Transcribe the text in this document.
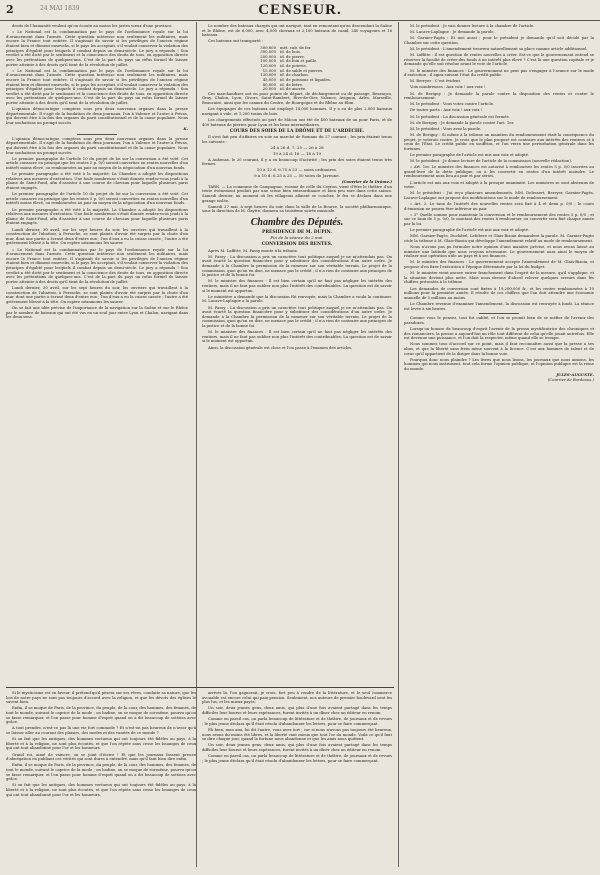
2	24 MAI 1839	CENSEUR.

droits de l'humanité veulent qu'on écoute au moins les justes vœux d'une province.

« Le National est la condamnation par le pays de l'ordonnance royale sur la loi d'avancement dans l'armée. Cette question intéresse non seulement les militaires, mais encore la France tout entière. Il s'agissait de savoir si les privilèges de l'ancien régime étaient bien et dûment ensevelis, si le pays les acceptait, s'il voulait conserver la violation des principes d'égalité pour lesquels il combat depuis un demi-siècle. Le jury a répondu ! Son verdict a été dicté par le sentiment et la conscience des droits de tous, en opposition directe avec les prétentions de quelques-uns. C'est de la part du pays un refus formel de laisser porter atteinte à des droits qu'il tient de la révolution de juillet.

« Le National est la condamnation par le pays de l'ordonnance royale sur la loi d'avancement dans l'armée. Cette question intéresse non seulement les militaires, mais encore la France tout entière. Il s'agissait de savoir si les privilèges de l'ancien régime étaient bien et dûment ensevelis, si le pays les acceptait, s'il voulait conserver la violation des principes d'égalité pour lesquels il combat depuis un demi-siècle. Le jury a répondu ! Son verdict a été dicté par le sentiment et la conscience des droits de tous, en opposition directe avec les prétentions de quelques-uns. C'est de la part du pays un refus formel de laisser porter atteinte à des droits qu'il tient de la révolution de juillet.

L'opinion démocratique comptera sous peu deux nouveaux organes dans la presse départementale. Il s'agit de la fondation de deux journaux, l'un à Valence et l'autre à Privas, qui doivent être à la fois des organes du parti constitutionnel et de la cause populaire. Nous leur souhaitons un prompt succès.

K.

L'opinion démocratique comptera sous peu deux nouveaux organes dans la presse départementale. Il s'agit de la fondation de deux journaux, l'un à Valence et l'autre à Privas, qui doivent être à la fois des organes du parti constitutionnel et de la cause populaire. Nous leur souhaitons un prompt succès.

Le premier paragraphe de l'article 10 du projet de loi sur la conversion a été voté. Cet article consacre en principe que les rentes 5 p. 0/0 seront converties en rentes nouvelles d'un intérêt moins élevé, ou remboursées au pair au moyen de la négociation d'un nouveau fonds.

Le premier paragraphe a été voté à la majorité. La Chambre a adopté les dispositions relatives aux mesures d'exécution. Une foule nombreuse s'était donnée rendez-vous jeudi à la plaine de Saint-Fond, afin d'assister à une course de chevaux pour laquelle plusieurs paris étaient engagés.

Le premier paragraphe de l'article 10 du projet de loi sur la conversion a été voté. Cet article consacre en principe que les rentes 5 p. 0/0 seront converties en rentes nouvelles d'un intérêt moins élevé, ou remboursées au pair au moyen de la négociation d'un nouveau fonds.

Le premier paragraphe a été voté à la majorité. La Chambre a adopté les dispositions relatives aux mesures d'exécution. Une foule nombreuse s'était donnée rendez-vous jeudi à la plaine de Saint-Fond, afin d'assister à une course de chevaux pour laquelle plusieurs paris étaient engagés.

Lundi dernier, 30 avril, sur les sept heures du soir, les ouvriers qui travaillent à la construction de l'abattoir, à Perrache, se sont plaints d'avoir été surpris par la chute d'un mur, dont une partie a écrasé deux d'entre eux ; l'un d'eux a eu la cuisse cassée ; l'autre a été grièvement blessé à la tête. On espère néanmoins les sauver.

« Le National est la condamnation par le pays de l'ordonnance royale sur la loi d'avancement dans l'armée. Cette question intéresse non seulement les militaires, mais encore la France tout entière. Il s'agissait de savoir si les privilèges de l'ancien régime étaient bien et dûment ensevelis, si le pays les acceptait, s'il voulait conserver la violation des principes d'égalité pour lesquels il combat depuis un demi-siècle. Le jury a répondu ! Son verdict a été dicté par le sentiment et la conscience des droits de tous, en opposition directe avec les prétentions de quelques-uns. C'est de la part du pays un refus formel de laisser porter atteinte à des droits qu'il tient de la révolution de juillet.

Lundi dernier, 30 avril, sur les sept heures du soir, les ouvriers qui travaillent à la construction de l'abattoir, à Perrache, se sont plaints d'avoir été surpris par la chute d'un mur, dont une partie a écrasé deux d'entre eux ; l'un d'eux a eu la cuisse cassée ; l'autre a été grièvement blessé à la tête. On espère néanmoins les sauver.

On se fait une idée précise de l'importance de la navigation sur la Saône et sur le Rhône par le nombre de bateaux qui ont été vus en un seul jour entre Lyon et Chalon, navigant dans les deux sens.

Le nombre des bateaux chargés qui ont navigué, tant en remontant qu'en descendant la Saône et le Rhône, est de 6,000, avec 4,000 chevaux et 2,100 bateaux de canal, 240 voyageurs et 16 bateaux.

Ces bateaux ont transporté :

300,000	mét. cub. de fer.
300,000	id. de bois.
200,000	id. de pierre.
100,000	id. de foin et paille.
120,000	id. de poterie.
15,000	id. de sable et pierres.
130,000	id. de charbon.
45,000	id. de poissons et liquides.
80,000	id. de bière.
20,000	id. de ancrée.

Ces marchandises ont en pour points de départ, de déchargement ou de passage, Besançon, Gray, Chalon, Lyon, Givors, Saint-Rambert, Rive-de-Gier, Valence, Avignon, Arles, Marseille, Beaucaire, ainsi que les canaux du Centre, de Bourgogne et du Rhône au Rhin.

Les équipages de ces bateaux ont employé 14,000 hommes. Il y a eu de plus 2,000 bateaux navigant à vide, et 1,200 trains de bois.

Les chargements effectués au port de Mâcon ont été de 400 bateaux de un pour Paris, et de 400 bateaux de pierres pour Lyon et les lieux intermédiaires.

COURS DES SOIES DE LA DRÔME ET DE L'ARDÈCHE.

Il s'est fait peu d'affaires en soie au marché de Romans du 27 courant ; les prix étaient tenus les suivants :

24 à 26 d. 7. 25 — 26 à 28
19 à 24 d. 16 — 18 à 19

A Aubenas, le 20 courant, il y a eu beaucoup d'activité ; les prix des soies étaient tenus très fermes.

10 à 12 d. 6.75 à 23 — soies ordinaires.
9 à 10 d. 6.25 à 25 — 50 soies de Javeune.
(Courrier de la Drôme.)

TARN. — La commune de Campagnac, voisine de celle du Ceyron, vient d'être le théâtre d'un triste événement produit par une scène bien extraordinaire et bien peu rare dans cette saison. Samedi dernier, au moment où les villageois allaient se coucher, le feu se déclara dans une grange isolée.

Samedi 27 mai, à sept heures du soir, dans la salle de la Bourse, la société philharmonique, sous la direction de M. Gaytte, donnera sa troisième soirée musicale.

Chambre des Députés.
PRÉSIDENCE DE M. DUPIN.
Fin de la séance du 2 mai.
CONVERSION DES RENTES.

Après M. Laffitte, M. Passy monte à la tribune.

M. Passy : La discussion a pris un caractère tout politique auquel je ne m'attendais pas. On avait écarté la question financière pour y substituer des considérations d'un autre ordre. Je demande à la Chambre la permission de la ramener sur son véritable terrain. Le projet de la commission, quoi qu'on en dise, ne menace pas le crédit ; il n'a rien de contraire aux principes de la justice et de la bonne foi.

M. le ministre des finances : Il est bien certain qu'il ne faut pas négliger les intérêts des rentiers, mais il ne faut pas oublier non plus l'intérêt des contribuables. La question est de savoir si le moment est opportun.

Le ministère a demandé que la discussion fût renvoyée, mais la Chambre a voulu la continuer. M. Lacave-Laplagne a la parole.

M. Passy : La discussion a pris un caractère tout politique auquel je ne m'attendais pas. On avait écarté la question financière pour y substituer des considérations d'un autre ordre. Je demande à la Chambre la permission de la ramener sur son véritable terrain. Le projet de la commission, quoi qu'on en dise, ne menace pas le crédit ; il n'a rien de contraire aux principes de la justice et de la bonne foi.

M. le ministre des finances : Il est bien certain qu'il ne faut pas négliger les intérêts des rentiers, mais il ne faut pas oublier non plus l'intérêt des contribuables. La question est de savoir si le moment est opportun.

Ainsi, la discussion générale est close et l'on passe à l'examen des articles.

M. le président : Je vais donner lecture à la chambre de l'article.

M. Lacave-Laplagne : Je demande la parole.

M. Garnier-Pagès : Et moi aussi ; pour le président je demande qu'il soit décidé par la Chambre sur cette question.

M. le président : L'amendement trouvera naturellement sa place comme article additionnel.

M. Laffitte : Il est question de rentes nouvelles à créer. Est-ce que le gouvernement entend se réserver la faculté de créer des fonds à un intérêt plus élevé ? C'est là une question capitale et je demande qu'elle soit résolue avant le vote de l'article.

M. le ministre des finances : Le gouvernement ne peut pas s'engager à l'avance sur le mode d'exécution ; il agira suivant l'état du crédit public.

M. Berryer : C'est évident.

Voix nombreuses : Aux voix ! aux voix !

M. de Berigny : Je demande la parole contre la disposition des rentes et contre le remboursement.

M. le président : Vous votez contre l'article.

De toutes parts : Aux voix ! aux voix !

M. le président : La discussion générale est fermée.

M. de Berigny : Je demande la parole contre l'art. 1er.

M. le président : Vous avez la parole.

M. de Berigny : Si même à la tribune un maintien du remboursement était la conséquence du projet, je voterais contre. Je crois que le plan proposé est contraire aux intérêts des rentiers et à ceux de l'État. Le crédit public en souffrira, et l'on verra une perturbation générale dans les fortunes.

Le premier paragraphe de l'article est mis aux voix et adopté.

M. le président : Je donne lecture de l'article de la commission (nouvelle rédaction).

« Art. 1er. Le ministre des finances est autorisé à rembourser les rentes 5 p. 0/0 inscrites au grand-livre de la dette publique, ou à les convertir en rentes d'un intérêt moindre. Le remboursement aura lieu au pair et par séries.

L'article est mis aux voix et adopté à la presque unanimité. Les ministres se sont abstenus de voter.

M. le président : J'ai reçu plusieurs amendements. MM. Delessert, Berryer, Garnier-Pagès, Lacave-Laplagne ont proposé des modifications sur le mode de remboursement.

« Art. 2. Le taux de l'intérêt des nouvelles rentes sera fixé à 4 et demi p. 0/0 ; le cours d'émission ne pourra être inférieur au pair.

« 3° Quelle somme pour maintenir la conversion et le remboursement des rentes 5 p. 0/0 ; et sur ce taux de 5 p. 0/0, le montant des rentes à rembourser ou convertir sera fixé chaque année par la loi.

Le premier paragraphe de l'article est mis aux voix et adopté.

MM. Garnier-Pagès, Duchâtel, Lefebvre et Glais-Bizoin demandent la parole. M. Garnier-Pagès cède la tribune à M. Glais-Bizoin qui développe l'amendement relatif au mode de remboursement.

Nous n'avons pas pu formuler notre opinion d'une manière précise, et nous avons laissé au ministre une latitude que nous croyons nécessaire. Le gouvernement aura ainsi le moyen de réaliser une opération utile au pays et à ses finances.

M. le ministre des finances : Le gouvernement accepte l'amendement de M. Glais-Bizoin, et propose d'en fixer l'exécution à l'époque déterminée par la loi du budget.

M. le ministre vient encore entrer franchement dans l'esprit de la mesure, qu'il s'applique, et la situation devient plus nette. Mais nous devons d'abord relever quelques erreurs dans les chiffres présentés à la tribune.

Les demandes de conversion sont fixées à 19,200,000 fr., et les rentes remboursées à 10 millions pour la première année. Il résulte de ces chiffres que l'on doit attendre une économie annuelle de 5 millions au moins.

Le Chambre revenue d'examiner l'amendement, la discussion est renvoyée à lundi. La séance est levée à six heures.

Comme vous le pensez, tout fut oublié, et l'on se promit bien de se méfier de l'avenir des paradoxes.

Lorsqu'on honore de beaucoup d'esprit l'avenir de la presse mystificatrice des chroniques et des romanciers, la presse a aujourd'hui un rôle tout différent de celui qu'elle jouait autrefois. Elle est devenue une puissance, et l'on doit la respecter, même quand elle se trompe.

Nous sommes tous d'accord sur ce point, mais il faut reconnaître aussi que la presse a ses abus, et que la liberté sans frein mène souvent à la licence. C'est aux hommes de talent et de cœur qu'il appartient de la diriger dans la bonne voie.

Pourquoi donc nous plaindre ? Les livres que nous lisons, les journaux que nous aimons, les hommes qui nous instruisent, tout cela forme l'opinion publique, et l'opinion publique est la reine du monde.

JULES-AUGUSTE.
(Courrier de Bordeaux.)

Si le mysticisme est en faveur, il prétend qu'il pèsera sur ses rêves, conduite sa nature, que les lois de notre pays ne sont pas toujours d'accord avec la religion, et que les dévots des églises le savent bien.

Enfin, il se moque de Paris, de la province, du peuple, de la cour, des hommes, des femmes, de tout le monde, suivant le caprice de la mode ; on badine, on se moque de soi-même, pourvu qu'on se fasse remarquer, et l'on passe pour homme d'esprit quand on a dit beaucoup de sottises avec grâce.

A tout prendre, n'est-ce pas là une vie fort commode ? Et n'est-on pas heureux de n'avoir qu'à se laisser aller au courant des plaisirs, des modes et des vanités de ce monde ?

Si on fait que les antiques, des hommes vertueux qui ont toujours été fidèles au pays, à la liberté et à la religion, ne sont plus écoutés, et que l'on répète sans cesse les louanges de ceux qui ont tout abandonné pour l'or et les honneurs.

Grand roi, aimé de vaincre, on se joint d'écrire ! Et que les journaux fassent preuve d'abnégation en publiant ces vérités qui sont dures à entendre, mais qu'il faut bien dire enfin.

Enfin, il se moque de Paris, de la province, du peuple, de la cour, des hommes, des femmes, de tout le monde, suivant le caprice de la mode ; on badine, on se moque de soi-même, pourvu qu'on se fasse remarquer, et l'on passe pour homme d'esprit quand on a dit beaucoup de sottises avec grâce.

Si on fait que les antiques, des hommes vertueux qui ont toujours été fidèles au pays, à la liberté et à la religion, ne sont plus écoutés, et que l'on répète sans cesse les louanges de ceux qui ont tout abandonné pour l'or et les honneurs.

arrivés là, l'on gagnerait, je crois, fort peu à vendre de la littérature, et le seul commerce avouable est encore celui qui paie pension. Seulement, nos auteurs de premier boulevard sont les plus lus, et les mieux payés.

Un soir, deux jeunes gens, deux amis, qui plus d'une fois avaient partagé dans les temps difficiles leur bourse et leurs espérances, furent invités à un dîner chez un éditeur en renom.

Comme en pareil cas, on parla beaucoup de littérature et de théâtre, de journaux et de revues ; le plus jeune déclara qu'il était résolu d'abandonner les lettres, pour se faire commerçant.

Eh bien, mon ami, lui dit l'autre, vous avez tort ; car si nous n'avons pas toujours été heureux, nous avons du moins été libres, et la liberté vaut mieux que tout l'or du monde. Voilà ce qu'il faut se dire chaque jour, quand la fortune nous abandonne et que les amis nous quittent.

Un soir, deux jeunes gens, deux amis, qui plus d'une fois avaient partagé dans les temps difficiles leur bourse et leurs espérances, furent invités à un dîner chez un éditeur en renom.

Comme en pareil cas, on parla beaucoup de littérature et de théâtre, de journaux et de revues ; le plus jeune déclara qu'il était résolu d'abandonner les lettres, pour se faire commerçant.
